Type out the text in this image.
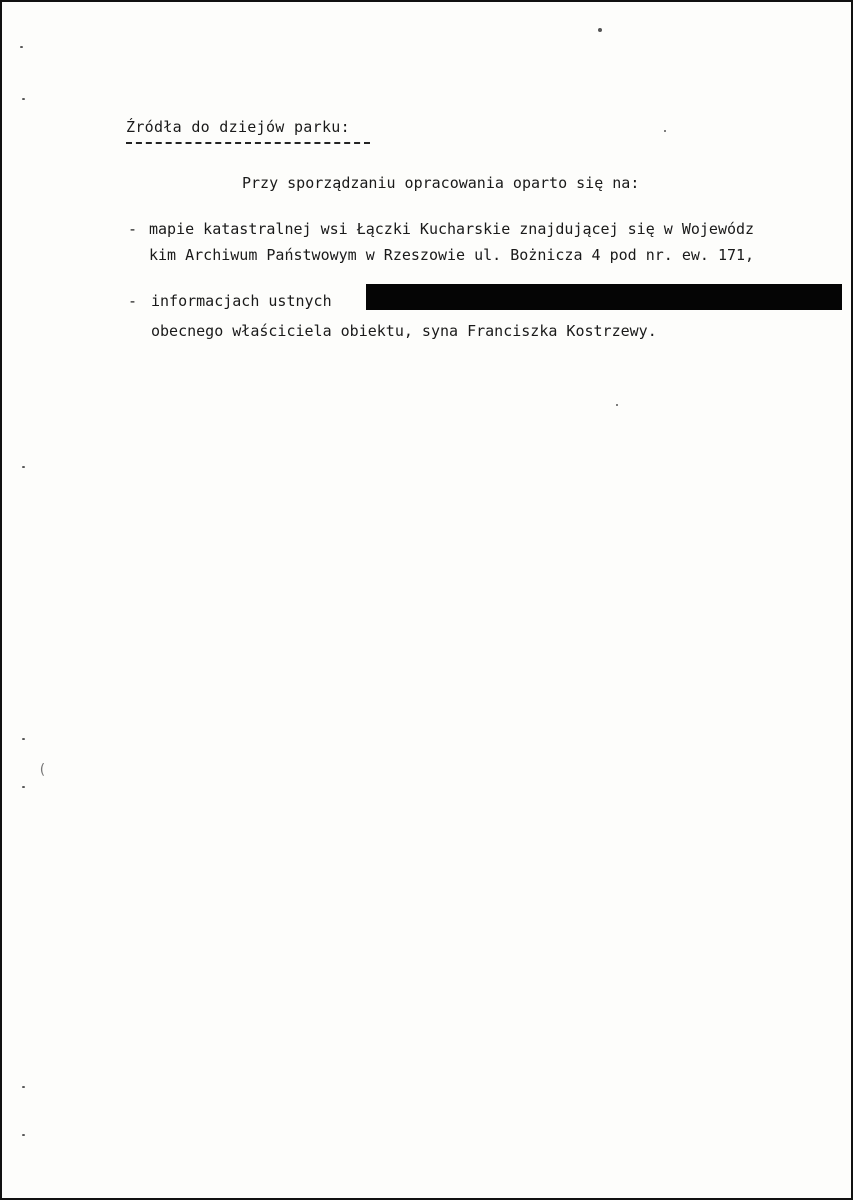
Źródła do dziejów parku:
Przy sporządzaniu opracowania oparto się na:
- mapie katastralnej wsi Łączki Kucharskie znajdującej się w Wojewódz
kim Archiwum Państwowym w Rzeszowie ul. Bożnicza 4 pod nr. ew. 171,
- informacjach ustnych
obecnego właściciela obiektu, syna Franciszka Kostrzewy.
(
